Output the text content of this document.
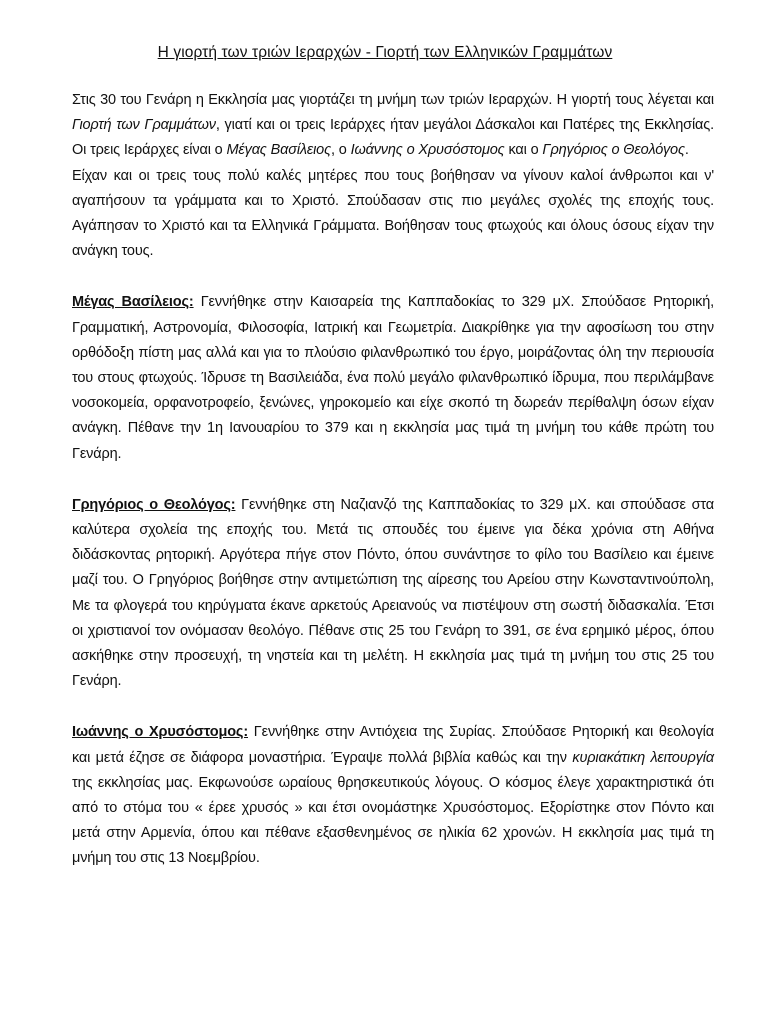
Η γιορτή των τριών Ιεραρχών - Γιορτή των Ελληνικών Γραμμάτων

Στις 30 του Γενάρη η Εκκλησία μας γιορτάζει τη μνήμη των τριών Ιεραρχών. Η γιορτή τους λέγεται και Γιορτή των Γραμμάτων, γιατί και οι τρεις Ιεράρχες ήταν μεγάλοι Δάσκαλοι και Πατέρες της Εκκλησίας. Οι τρεις Ιεράρχες είναι ο Μέγας Βασίλειος, ο Ιωάννης ο Χρυσόστομος και ο Γρηγόριος ο Θεολόγος.

Είχαν και οι τρεις τους πολύ καλές μητέρες που τους βοήθησαν να γίνουν καλοί άνθρωποι και ν' αγαπήσουν τα γράμματα και το Χριστό. Σπούδασαν στις πιο μεγάλες σχολές της εποχής τους. Αγάπησαν το Χριστό και τα Ελληνικά Γράμματα. Βοήθησαν τους φτωχούς και όλους όσους είχαν την ανάγκη τους.

Μέγας Βασίλειος: Γεννήθηκε στην Καισαρεία της Καππαδοκίας το 329 μΧ. Σπούδασε Ρητορική, Γραμματική, Αστρονομία, Φιλοσοφία, Ιατρική και Γεωμετρία. Διακρίθηκε για την αφοσίωση του στην ορθόδοξη πίστη μας αλλά και για το πλούσιο φιλανθρωπικό του έργο, μοιράζοντας όλη την περιουσία του στους φτωχούς. Ίδρυσε τη Βασιλειάδα, ένα πολύ μεγάλο φιλανθρωπικό ίδρυμα, που περιλάμβανε νοσοκομεία, ορφανοτροφείο, ξενώνες, γηροκομείο και είχε σκοπό τη δωρεάν περίθαλψη όσων είχαν ανάγκη. Πέθανε την 1η Ιανουαρίου το 379 και η εκκλησία μας τιμά τη μνήμη του κάθε πρώτη του Γενάρη.

Γρηγόριος ο Θεολόγος: Γεννήθηκε στη Ναζιανζό της Καππαδοκίας το 329 μΧ. και σπούδασε στα καλύτερα σχολεία της εποχής του. Μετά τις σπουδές του έμεινε για δέκα χρόνια στη Αθήνα διδάσκοντας ρητορική. Αργότερα πήγε στον Πόντο, όπου συνάντησε το φίλο του Βασίλειο και έμεινε μαζί του. Ο Γρηγόριος βοήθησε στην αντιμετώπιση της αίρεσης του Αρείου στην Κωνσταντινούπολη, Με τα φλογερά του κηρύγματα έκανε αρκετούς Αρειανούς να πιστέψουν στη σωστή διδασκαλία. Έτσι οι χριστιανοί τον ονόμασαν θεολόγο. Πέθανε στις 25 του Γενάρη το 391, σε ένα ερημικό μέρος, όπου ασκήθηκε στην προσευχή, τη νηστεία και τη μελέτη. Η εκκλησία μας τιμά τη μνήμη του στις 25 του Γενάρη.

Ιωάννης ο Χρυσόστομος: Γεννήθηκε στην Αντιόχεια της Συρίας. Σπούδασε Ρητορική και θεολογία και μετά έζησε σε διάφορα μοναστήρια. Έγραψε πολλά βιβλία καθώς και την κυριακάτικη λειτουργία της εκκλησίας μας. Εκφωνούσε ωραίους θρησκευτικούς λόγους. Ο κόσμος έλεγε χαρακτηριστικά ότι από το στόμα του « έρεε χρυσός » και έτσι ονομάστηκε Χρυσόστομος. Εξορίστηκε στον Πόντο και μετά στην Αρμενία, όπου και πέθανε εξασθενημένος σε ηλικία 62 χρονών. Η εκκλησία μας τιμά τη μνήμη του στις 13 Νοεμβρίου.
